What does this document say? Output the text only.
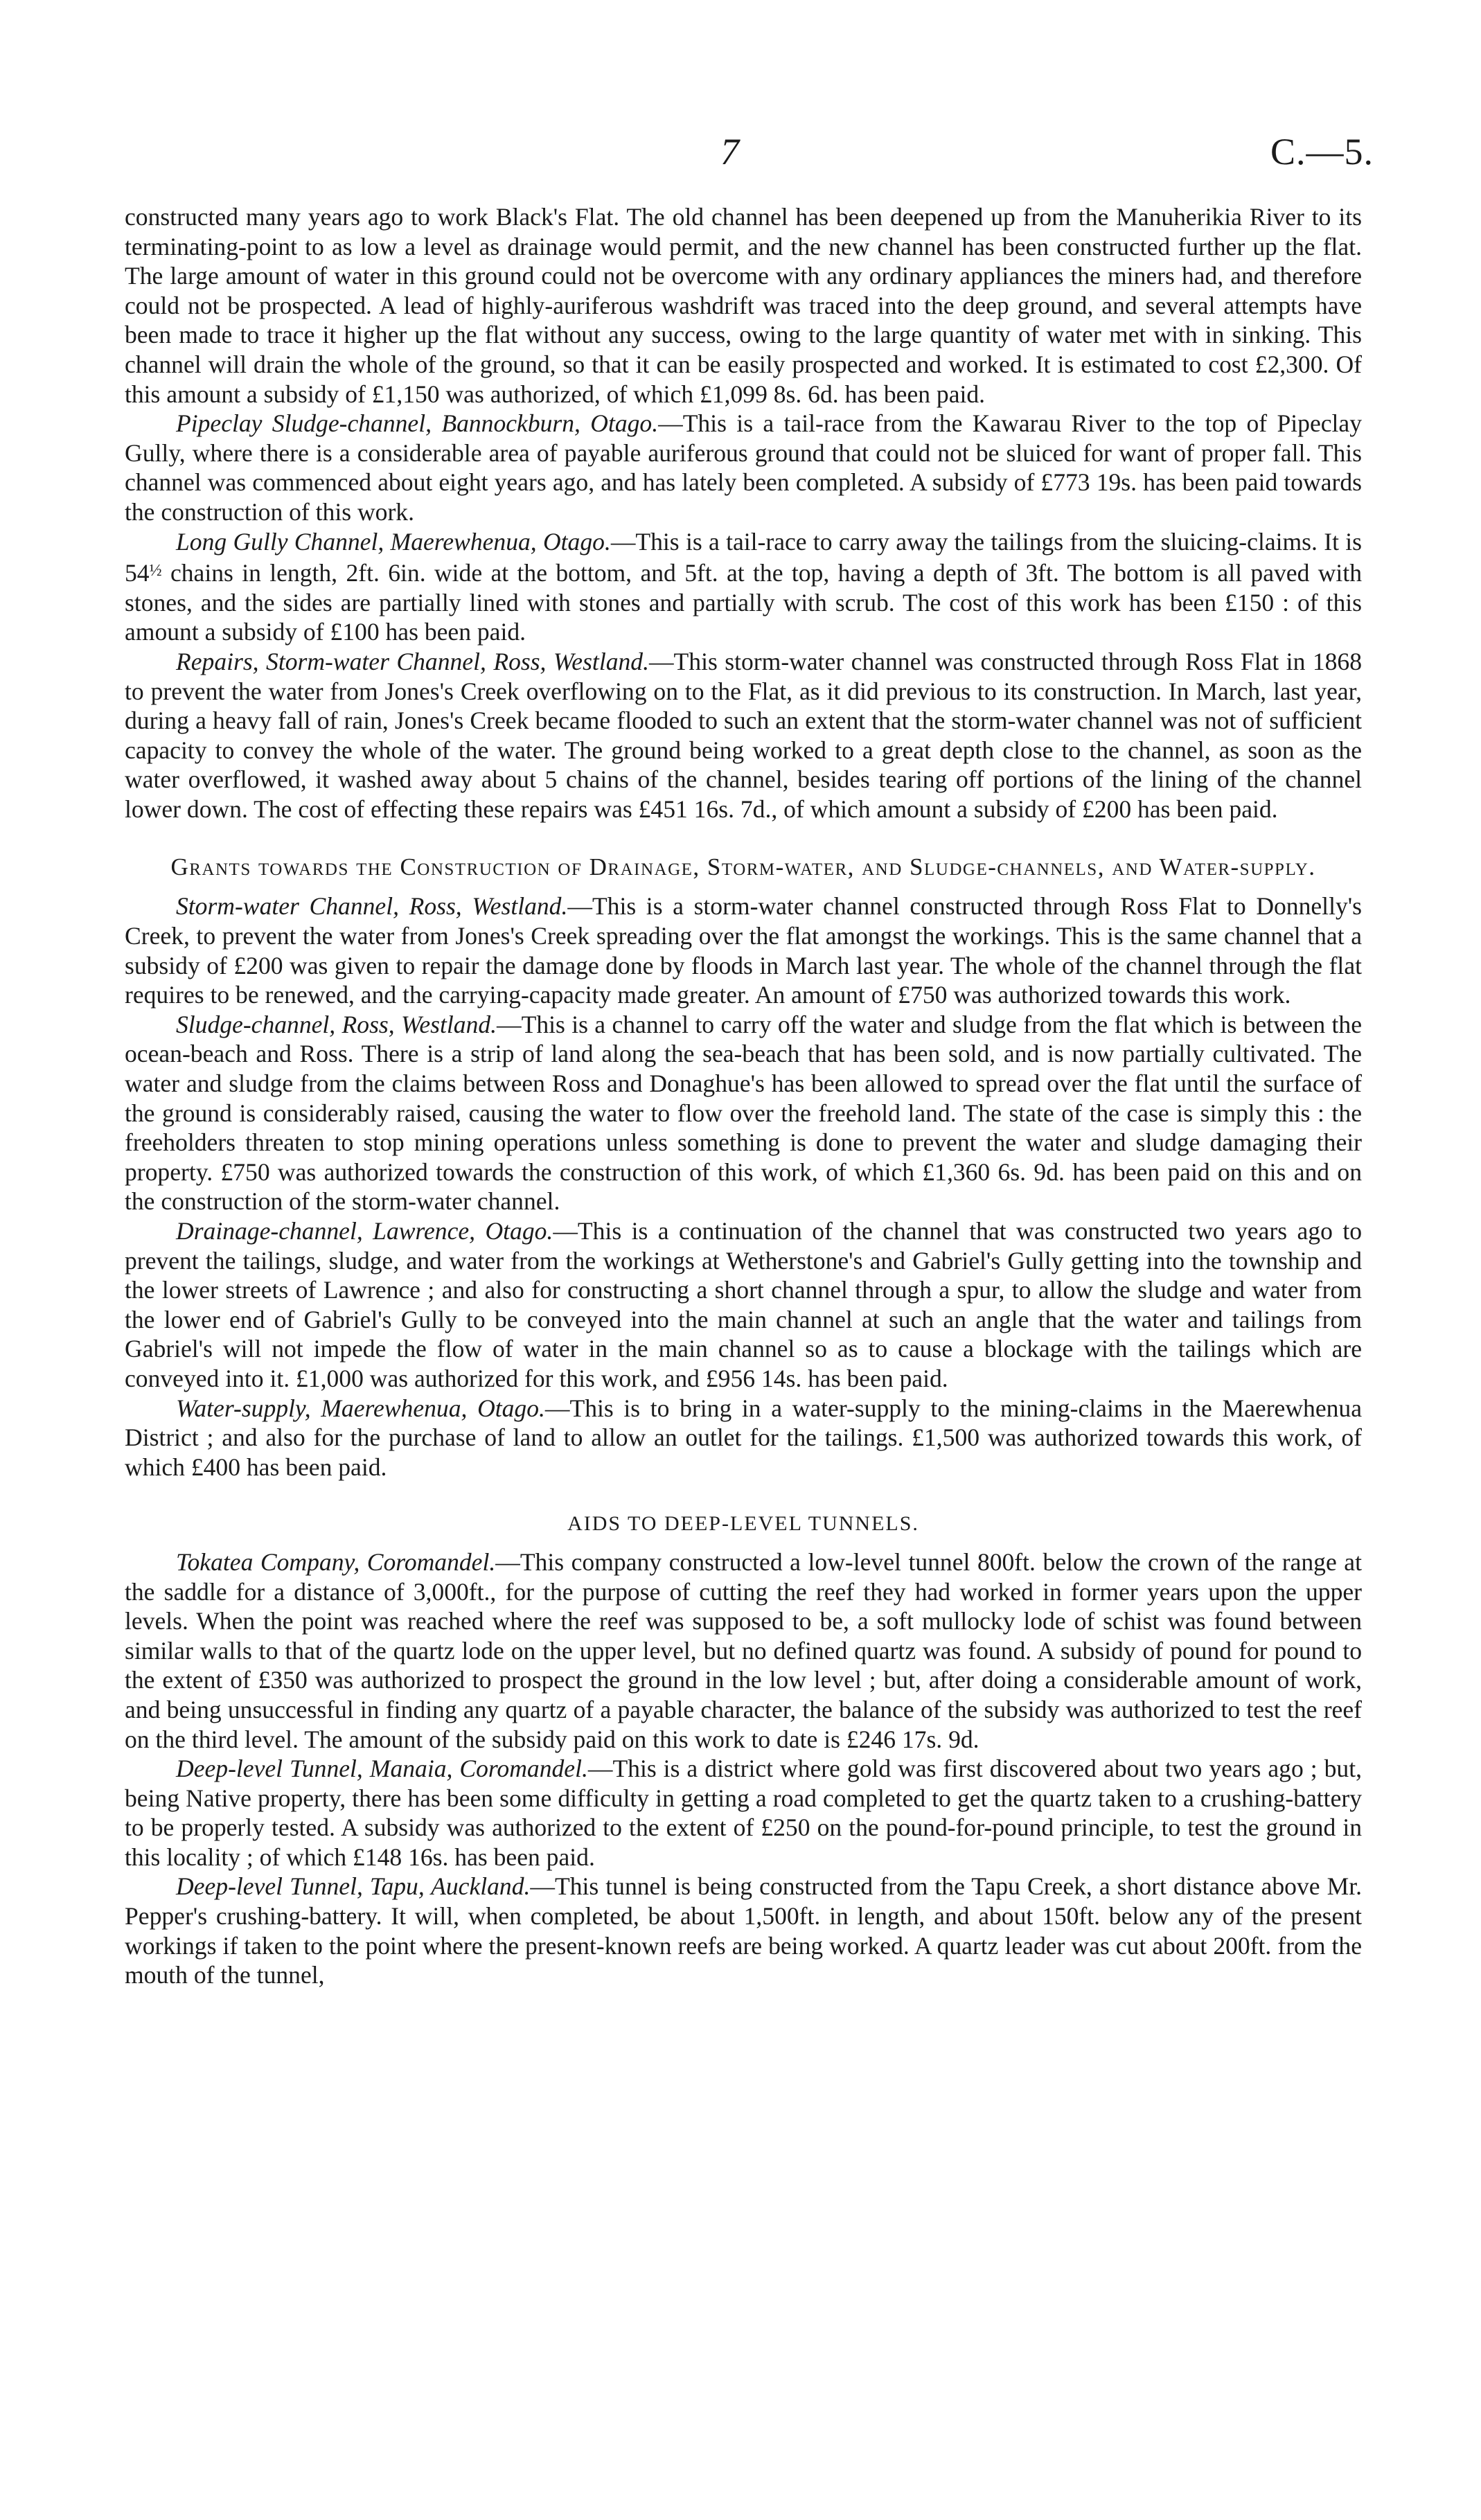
7	C.—5.

constructed many years ago to work Black's Flat. The old channel has been deepened up from the Manuherikia River to its terminating-point to as low a level as drainage would permit, and the new channel has been constructed further up the flat. The large amount of water in this ground could not be overcome with any ordinary appliances the miners had, and therefore could not be prospected. A lead of highly-auriferous washdrift was traced into the deep ground, and several attempts have been made to trace it higher up the flat without any success, owing to the large quantity of water met with in sinking. This channel will drain the whole of the ground, so that it can be easily prospected and worked. It is estimated to cost £2,300. Of this amount a subsidy of £1,150 was authorized, of which £1,099 8s. 6d. has been paid.

Pipeclay Sludge-channel, Bannockburn, Otago.—This is a tail-race from the Kawarau River to the top of Pipeclay Gully, where there is a considerable area of payable auriferous ground that could not be sluiced for want of proper fall. This channel was commenced about eight years ago, and has lately been completed. A subsidy of £773 19s. has been paid towards the construction of this work.

Long Gully Channel, Maerewhenua, Otago.—This is a tail-race to carry away the tailings from the sluicing-claims. It is $54^{\frac{1}{2}}$ chains in length, 2ft. 6in. wide at the bottom, and 5ft. at the top, having a depth of 3ft. The bottom is all paved with stones, and the sides are partially lined with stones and partially with scrub. The cost of this work has been £150 : of this amount a subsidy of £100 has been paid.

Repairs, Storm-water Channel, Ross, Westland.—This storm-water channel was constructed through Ross Flat in 1868 to prevent the water from Jones's Creek overflowing on to the Flat, as it did previous to its construction. In March, last year, during a heavy fall of rain, Jones's Creek became flooded to such an extent that the storm-water channel was not of sufficient capacity to convey the whole of the water. The ground being worked to a great depth close to the channel, as soon as the water overflowed, it washed away about 5 chains of the channel, besides tearing off portions of the lining of the channel lower down. The cost of effecting these repairs was £451 16s. 7d., of which amount a subsidy of £200 has been paid.

Grants towards the Construction of Drainage, Storm-water, and Sludge-channels, and Water-supply.

Storm-water Channel, Ross, Westland.—This is a storm-water channel constructed through Ross Flat to Donnelly's Creek, to prevent the water from Jones's Creek spreading over the flat amongst the workings. This is the same channel that a subsidy of £200 was given to repair the damage done by floods in March last year. The whole of the channel through the flat requires to be renewed, and the carrying-capacity made greater. An amount of £750 was authorized towards this work.

Sludge-channel, Ross, Westland.—This is a channel to carry off the water and sludge from the flat which is between the ocean-beach and Ross. There is a strip of land along the sea-beach that has been sold, and is now partially cultivated. The water and sludge from the claims between Ross and Donaghue's has been allowed to spread over the flat until the surface of the ground is considerably raised, causing the water to flow over the freehold land. The state of the case is simply this : the freeholders threaten to stop mining operations unless something is done to prevent the water and sludge damaging their property. £750 was authorized towards the construction of this work, of which £1,360 6s. 9d. has been paid on this and on the construction of the storm-water channel.

Drainage-channel, Lawrence, Otago.—This is a continuation of the channel that was constructed two years ago to prevent the tailings, sludge, and water from the workings at Wetherstone's and Gabriel's Gully getting into the township and the lower streets of Lawrence ; and also for constructing a short channel through a spur, to allow the sludge and water from the lower end of Gabriel's Gully to be conveyed into the main channel at such an angle that the water and tailings from Gabriel's will not impede the flow of water in the main channel so as to cause a blockage with the tailings which are conveyed into it. £1,000 was authorized for this work, and £956 14s. has been paid.

Water-supply, Maerewhenua, Otago.—This is to bring in a water-supply to the mining-claims in the Maerewhenua District ; and also for the purchase of land to allow an outlet for the tailings. £1,500 was authorized towards this work, of which £400 has been paid.

AIDS TO DEEP-LEVEL TUNNELS.

Tokatea Company, Coromandel.—This company constructed a low-level tunnel 800ft. below the crown of the range at the saddle for a distance of 3,000ft., for the purpose of cutting the reef they had worked in former years upon the upper levels. When the point was reached where the reef was supposed to be, a soft mullocky lode of schist was found between similar walls to that of the quartz lode on the upper level, but no defined quartz was found. A subsidy of pound for pound to the extent of £350 was authorized to prospect the ground in the low level ; but, after doing a considerable amount of work, and being unsuccessful in finding any quartz of a payable character, the balance of the subsidy was authorized to test the reef on the third level. The amount of the subsidy paid on this work to date is £246 17s. 9d.

Deep-level Tunnel, Manaia, Coromandel.—This is a district where gold was first discovered about two years ago ; but, being Native property, there has been some difficulty in getting a road completed to get the quartz taken to a crushing-battery to be properly tested. A subsidy was authorized to the extent of £250 on the pound-for-pound principle, to test the ground in this locality ; of which £148 16s. has been paid.

Deep-level Tunnel, Tapu, Auckland.—This tunnel is being constructed from the Tapu Creek, a short distance above Mr. Pepper's crushing-battery. It will, when completed, be about 1,500ft. in length, and about 150ft. below any of the present workings if taken to the point where the present-known reefs are being worked. A quartz leader was cut about 200ft. from the mouth of the tunnel,
